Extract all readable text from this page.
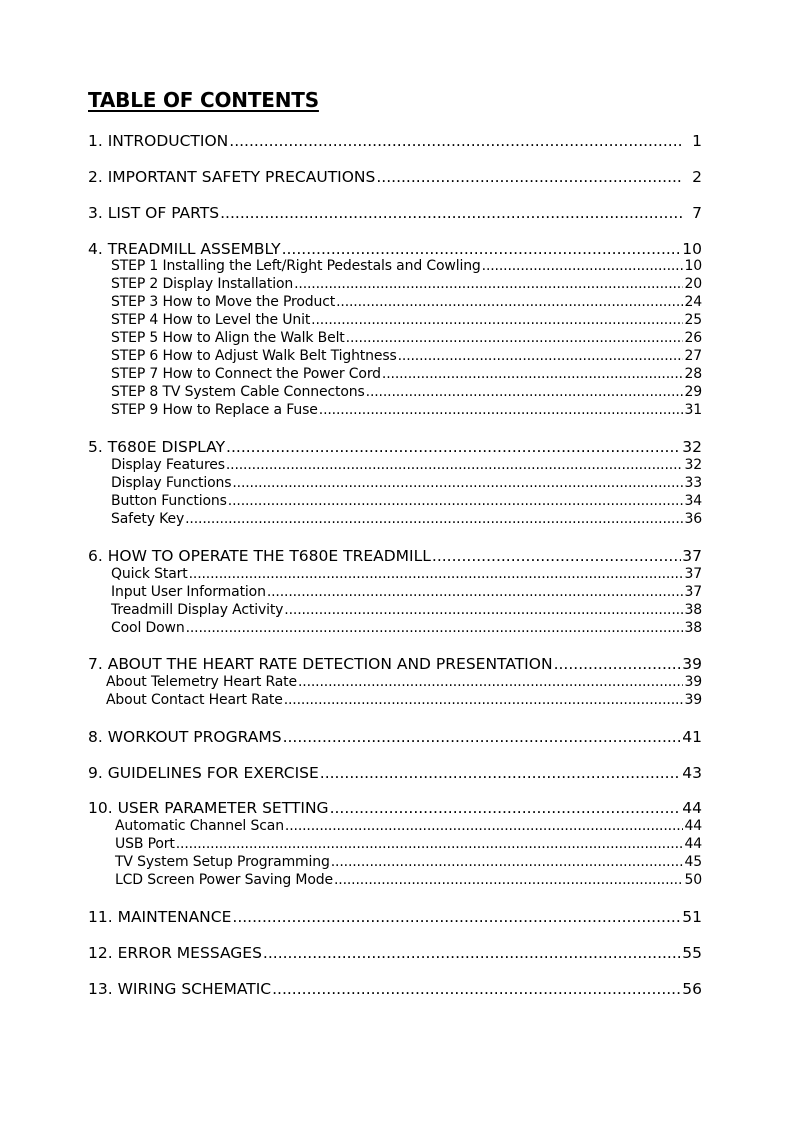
TABLE OF CONTENTS
1. INTRODUCTION .....	1
2. IMPORTANT SAFETY PRECAUTIONS .....	2
3. LIST OF PARTS .....	7
4. TREADMILL ASSEMBLY .....	10
STEP 1 Installing the Left/Right Pedestals and Cowling .....	10
STEP 2 Display Installation .....	20
STEP 3 How to Move the Product .....	24
STEP 4 How to Level the Unit .....	25
STEP 5 How to Align the Walk Belt .....	26
STEP 6 How to Adjust Walk Belt Tightness .....	27
STEP 7 How to Connect the Power Cord .....	28
STEP 8 TV System Cable Connectons .....	29
STEP 9 How to Replace a Fuse .....	31
5. T680E DISPLAY .....	32
Display Features .....	32
Display Functions .....	33
Button Functions .....	34
Safety Key .....	36
6. HOW TO OPERATE THE T680E TREADMILL .....	37
Quick Start .....	37
Input User Information .....	37
Treadmill Display Activity .....	38
Cool Down .....	38
7. ABOUT THE HEART RATE DETECTION AND PRESENTATION .....	39
About Telemetry Heart Rate .....	39
About Contact Heart Rate .....	39
8. WORKOUT PROGRAMS .....	41
9. GUIDELINES FOR EXERCISE .....	43
10. USER PARAMETER SETTING .....	44
Automatic Channel Scan .....	44
USB Port .....	44
TV System Setup Programming .....	45
LCD Screen Power Saving Mode .....	50
11. MAINTENANCE .....	51
12. ERROR MESSAGES .....	55
13. WIRING SCHEMATIC .....	56
